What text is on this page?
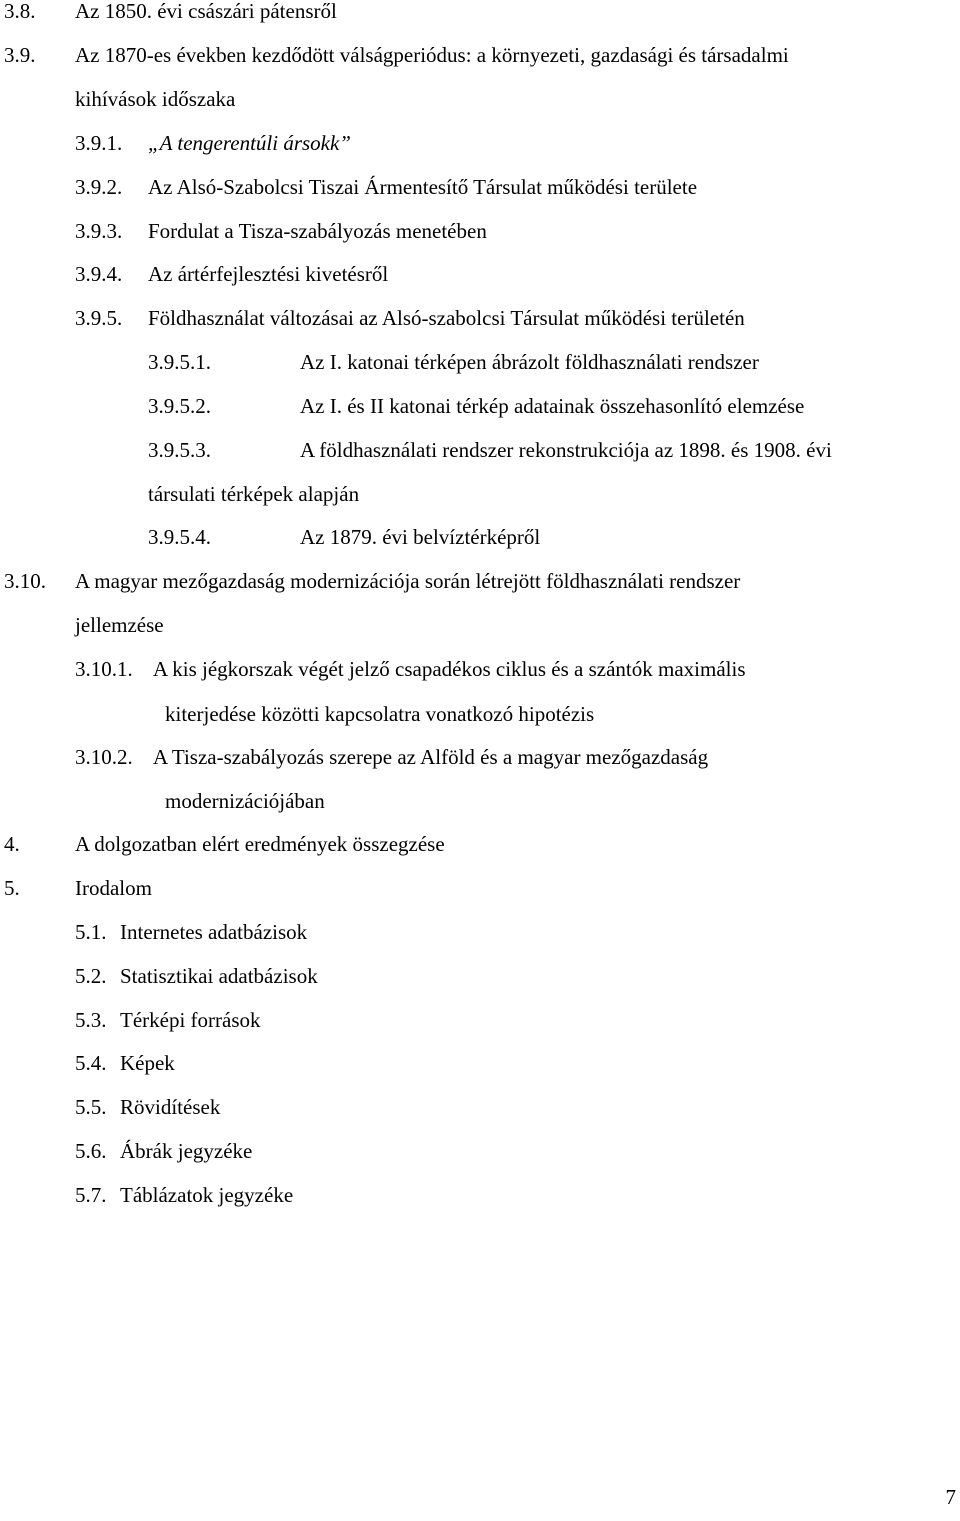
3.8. Az 1850. évi császári pátensről
3.9. Az 1870-es években kezdődött válságperiódus: a környezeti, gazdasági és társadalmi
kihívások időszaka
3.9.1. „A tengerentúli ársokk”
3.9.2. Az Alsó-Szabolcsi Tiszai Ármentesítő Társulat működési területe
3.9.3. Fordulat a Tisza-szabályozás menetében
3.9.4. Az ártérfejlesztési kivetésről
3.9.5. Földhasználat változásai az Alsó-szabolcsi Társulat működési területén
3.9.5.1.	Az I. katonai térképen ábrázolt földhasználati rendszer
3.9.5.2.	Az I. és II katonai térkép adatainak összehasonlító elemzése
3.9.5.3.	A földhasználati rendszer rekonstrukciója az 1898. és 1908. évi
társulati térképek alapján
3.9.5.4.	Az 1879. évi belvíztérképről
3.10. A magyar mezőgazdaság modernizációja során létrejött földhasználati rendszer
jellemzése
3.10.1. A kis jégkorszak végét jelző csapadékos ciklus és a szántók maximális
kiterjedése közötti kapcsolatra vonatkozó hipotézis
3.10.2. A Tisza-szabályozás szerepe az Alföld és a magyar mezőgazdaság
modernizációjában
4.	A dolgozatban elért eredmények összegzése
5.	Irodalom
5.1. Internetes adatbázisok
5.2. Statisztikai adatbázisok
5.3. Térképi források
5.4. Képek
5.5. Rövidítések
5.6. Ábrák jegyzéke
5.7. Táblázatok jegyzéke
7
